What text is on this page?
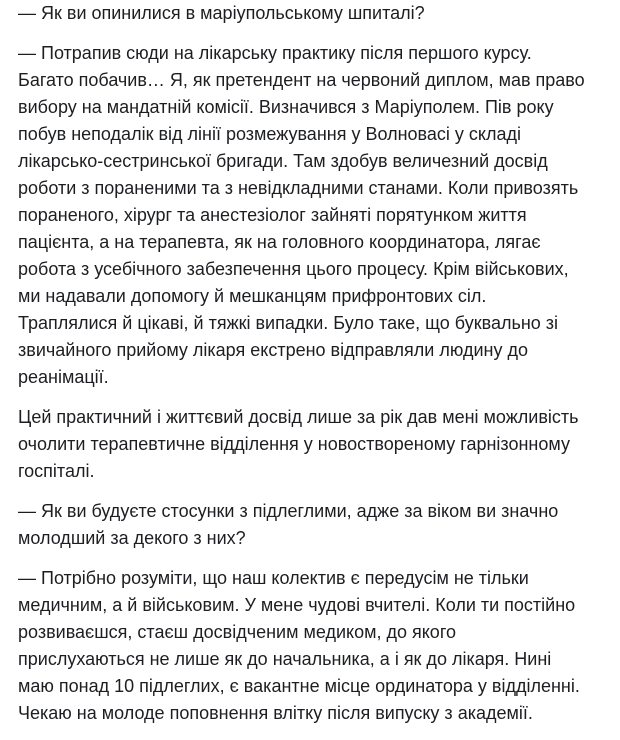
— Як ви опинилися в маріупольському шпиталі?

— Потрапив сюди на лікарську практику після першого курсу.
Багато побачив… Я, як претендент на червоний диплом, мав право
вибору на мандатній комісії. Визначився з Маріуполем. Пів року
побув неподалік від лінії розмежування у Волновасі у складі
лікарсько-сестринської бригади. Там здобув величезний досвід
роботи з пораненими та з невідкладними станами. Коли привозять
пораненого, хірург та анестезіолог зайняті порятунком життя
пацієнта, а на терапевта, як на головного координатора, лягає
робота з усебічного забезпечення цього процесу. Крім військових,
ми надавали допомогу й мешканцям прифронтових сіл.
Траплялися й цікаві, й тяжкі випадки. Було таке, що буквально зі
звичайного прийому лікаря екстрено відправляли людину до
реанімації.

Цей практичний і життєвий досвід лише за рік дав мені можливість
очолити терапевтичне відділення у новоствореному гарнізонному
госпіталі.

— Як ви будуєте стосунки з підлеглими, адже за віком ви значно
молодший за декого з них?

— Потрібно розуміти, що наш колектив є передусім не тільки
медичним, а й військовим. У мене чудові вчителі. Коли ти постійно
розвиваєшся, стаєш досвідченим медиком, до якого
прислухаються не лише як до начальника, а і як до лікаря. Нині
маю понад 10 підлеглих, є вакантне місце ординатора у відділенні.
Чекаю на молоде поповнення влітку після випуску з академії.
